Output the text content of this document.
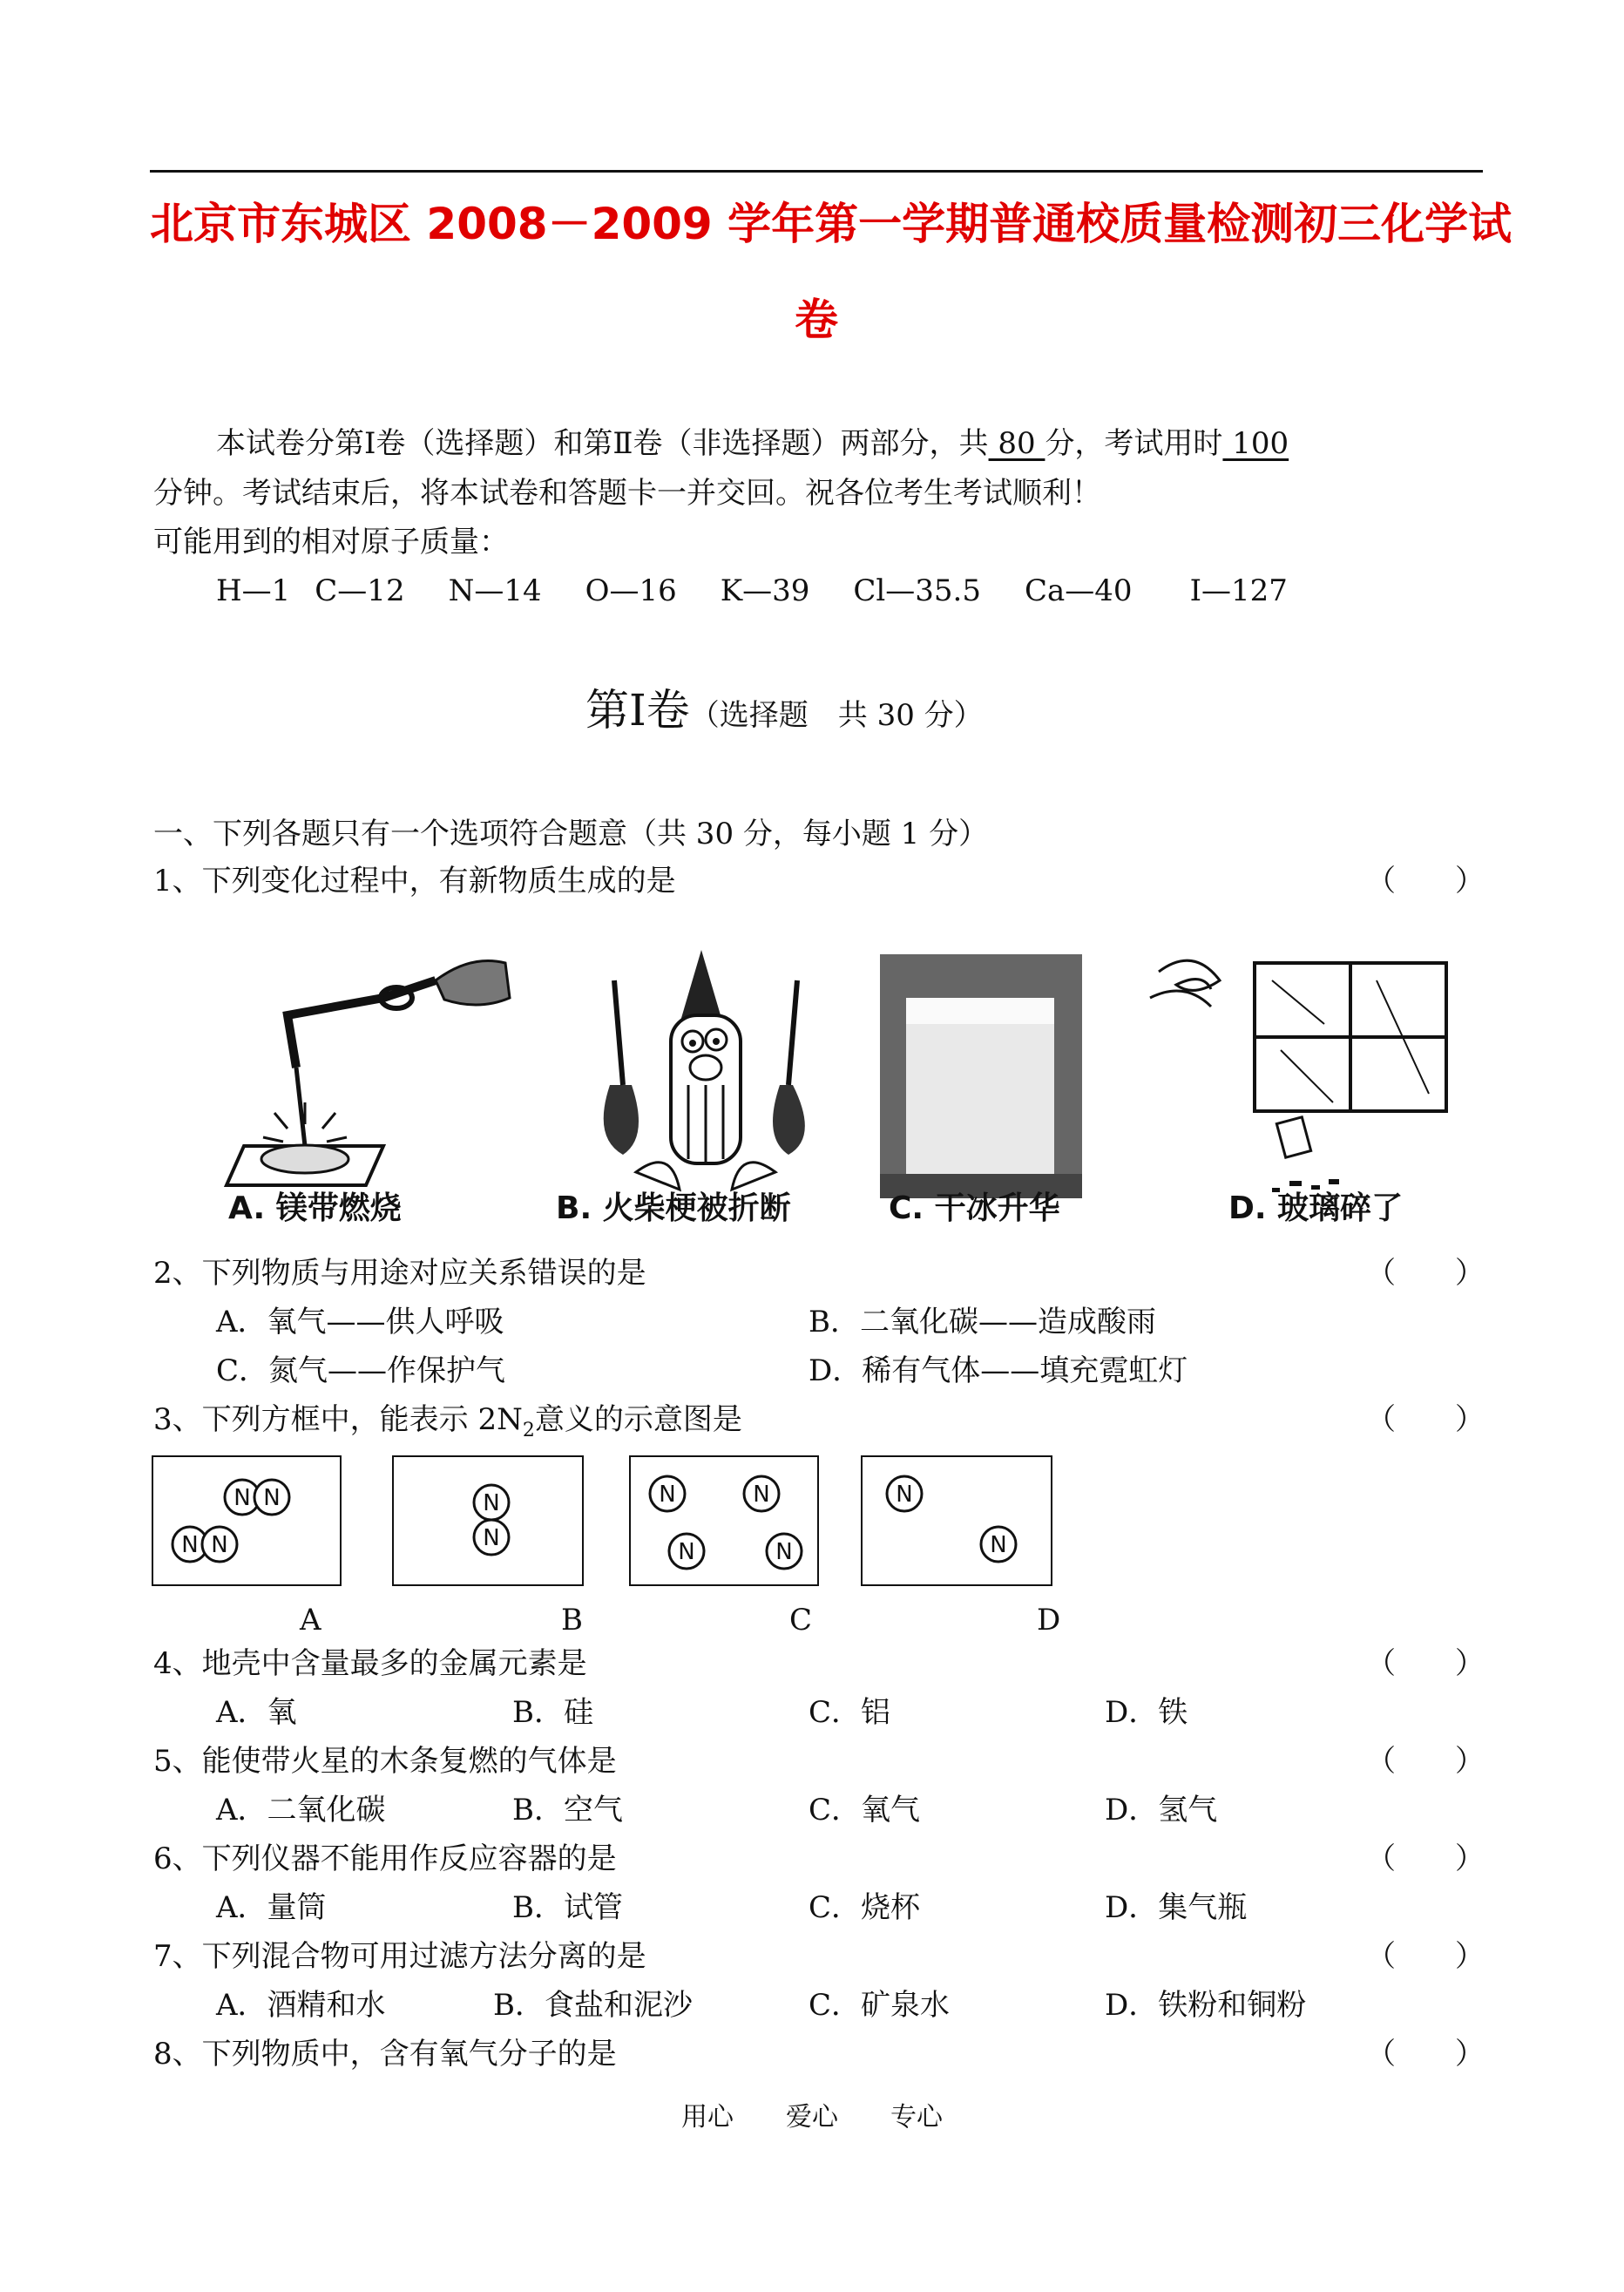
北京市东城区 2008－2009 学年第一学期普通校质量检测初三化学试
卷
本试卷分第Ⅰ卷（选择题）和第Ⅱ卷（非选择题）两部分，共 80 分，考试用时 100
分钟。考试结束后，将本试卷和答题卡一并交回。祝各位考生考试顺利！
可能用到的相对原子质量：
H—1 C—12 N—14 O—16 K—39 Cl—35.5 Ca—40 I—127
第Ⅰ卷（选择题　共 30 分）
一、下列各题只有一个选项符合题意（共 30 分，每小题 1 分）
1、下列变化过程中，有新物质生成的是	（　　）
A. 镁带燃烧	B. 火柴梗被折断	C. 干冰升华	D. 玻璃碎了
2、下列物质与用途对应关系错误的是	（　　）
A．氧气——供人呼吸	B．二氧化碳——造成酸雨
C．氮气——作保护气	D．稀有气体——填充霓虹灯
3、下列方框中，能表示 $2N_2$意义的示意图是	（　　）
N N
N N
N
N
N	N
N	N
N
N
A	B	C	D
4、地壳中含量最多的金属元素是	（　　）
A．氧	B．硅	C．铝	D．铁
5、能使带火星的木条复燃的气体是	（　　）
A．二氧化碳	B．空气	C．氧气	D．氢气
6、下列仪器不能用作反应容器的是	（　　）
A．量筒	B．试管	C．烧杯	D．集气瓶
7、下列混合物可用过滤方法分离的是	（　　）
A．酒精和水	B．食盐和泥沙	C．矿泉水	D．铁粉和铜粉
8、下列物质中，含有氧气分子的是	（　　）
用心　　爱心　　专心
